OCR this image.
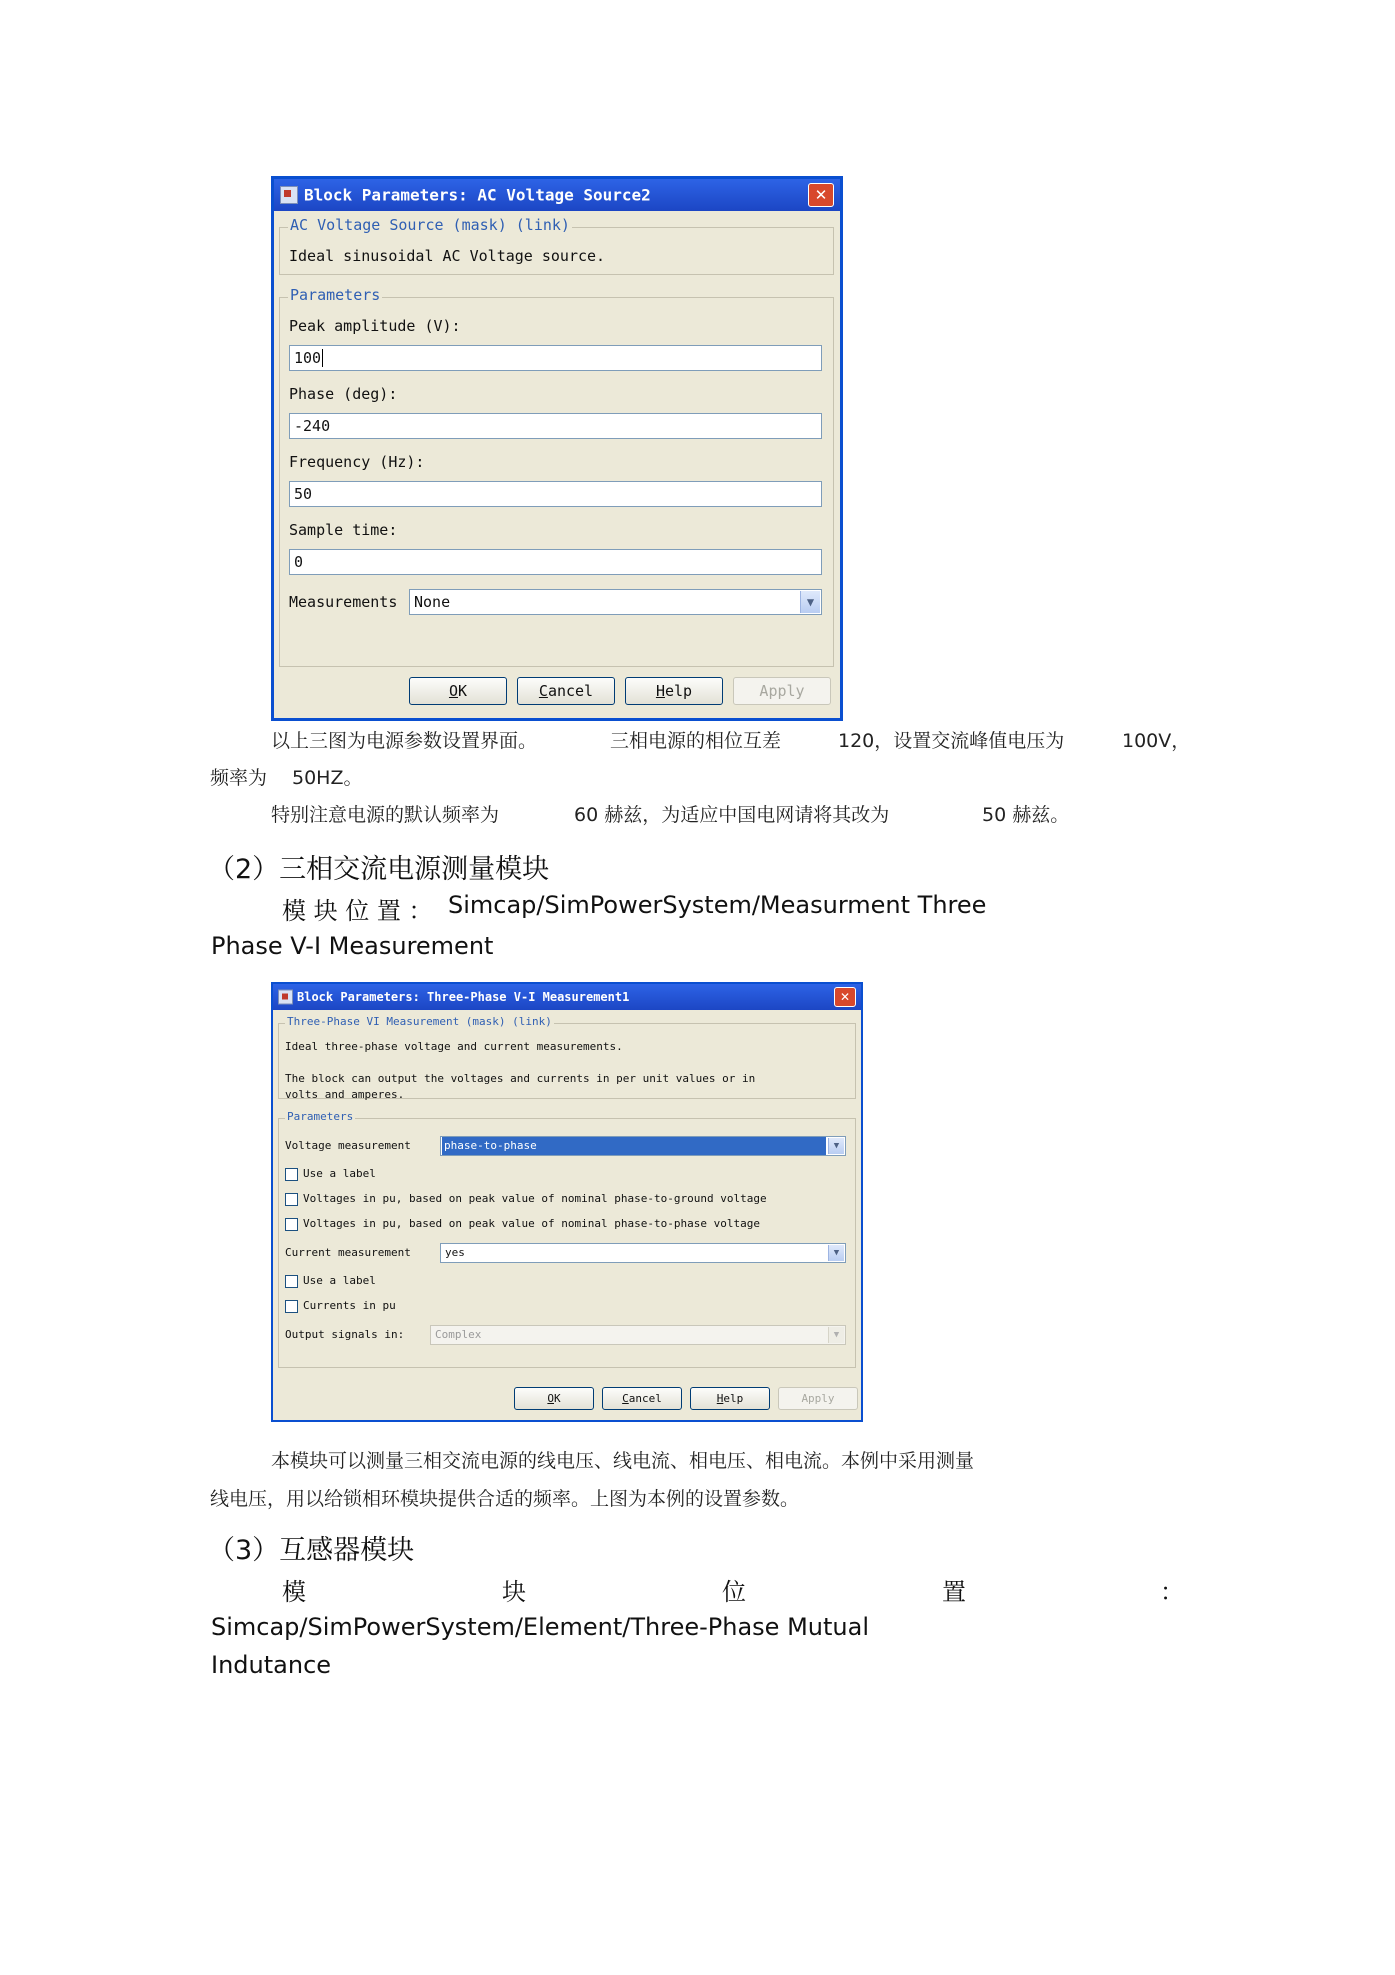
Block Parameters: AC Voltage Source2	✕
AC Voltage Source (mask) (link)
Ideal sinusoidal AC Voltage source.
Parameters
Peak amplitude (V):
100
Phase (deg):
-240
Frequency (Hz):
50
Sample time:
0
Measurements	None	▼
OK	Cancel	Help	Apply
以上三图为电源参数设置界面。	三相电源的相位互差	120，设置交流峰值电压为	100V，
频率为 50HZ。
特别注意电源的默认频率为	60 赫兹，为适应中国电网请将其改为	50 赫兹。
（2）三相交流电源测量模块
模 块 位 置 ： Simcap/SimPowerSystem/Measurment Three
Phase V-I Measurement
Block Parameters: Three-Phase V-I Measurement1	✕
Three-Phase VI Measurement (mask) (link)
Ideal three-phase voltage and current measurements.
The block can output the voltages and currents in per unit values or in
volts and amperes.
Parameters
Voltage measurement	phase-to-phase	▼
Use a label
Voltages in pu, based on peak value of nominal phase-to-ground voltage
Voltages in pu, based on peak value of nominal phase-to-phase voltage
Current measurement	yes	▼
Use a label
Currents in pu
Output signals in:	Complex	▼
OK	Cancel	Help	Apply
本模块可以测量三相交流电源的线电压、线电流、相电压、相电流。本例中采用测量
线电压，用以给锁相环模块提供合适的频率。上图为本例的设置参数。
（3）互感器模块
模	块	位	置	：
Simcap/SimPowerSystem/Element/Three-Phase Mutual
Indutance
